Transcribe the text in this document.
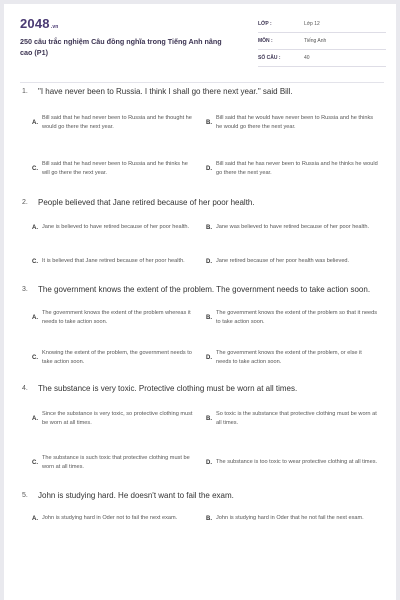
2048.vn
250 câu trắc nghiệm Câu đồng nghĩa trong Tiếng Anh nâng cao (P1)
LỚP :	Lớp 12
MÔN :	Tiếng Anh
SỐ CÂU :	40
1. "I have never been to Russia. I think I shall go there next year." said Bill.
A.
Bill said that he had never been to Russia and he thought he would go there the next year.
B.
Bill said that he would have never been to Russia and he thinks he would go there the next year.
C.
Bill said that he had never been to Russia and he thinks he will go there the next year.
D.
Bill said that he has never been to Russia and he thinks he would go there the next year.
2. People believed that Jane retired because of her poor health.
A. Jane is believed to have retired because of her poor health.	B. Jane was believed to have retired because of her poor health.
C. It is believed that Jane retired because of her poor health.	D. Jane retired because of her poor health was believed.
3. The government knows the extent of the problem. The government needs to take action soon.
A.
The government knows the extent of the problem whereas it needs to take action soon.
B.
The government knows the extent of the problem so that it needs to take action soon.
C.
Knowing the extent of the problem, the government needs to take action soon.
D.
The government knows the extent of the problem, or else it needs to take action soon.
4. The substance is very toxic. Protective clothing must be worn at all times.
A.
Since the substance is very toxic, so protective clothing must be worn at all times.
B.
So toxic is the substance that protective clothing must be worn at all times.
C.
The substance is such toxic that protective clothing must be worn at all times.
D. The substance is too toxic to wear protective clothing at all times.
5. John is studying hard. He doesn't want to fail the exam.
A. John is studying hard in Oder not to fail the next exam.	B. John is studying hard in Oder that he not fail the next exam.
